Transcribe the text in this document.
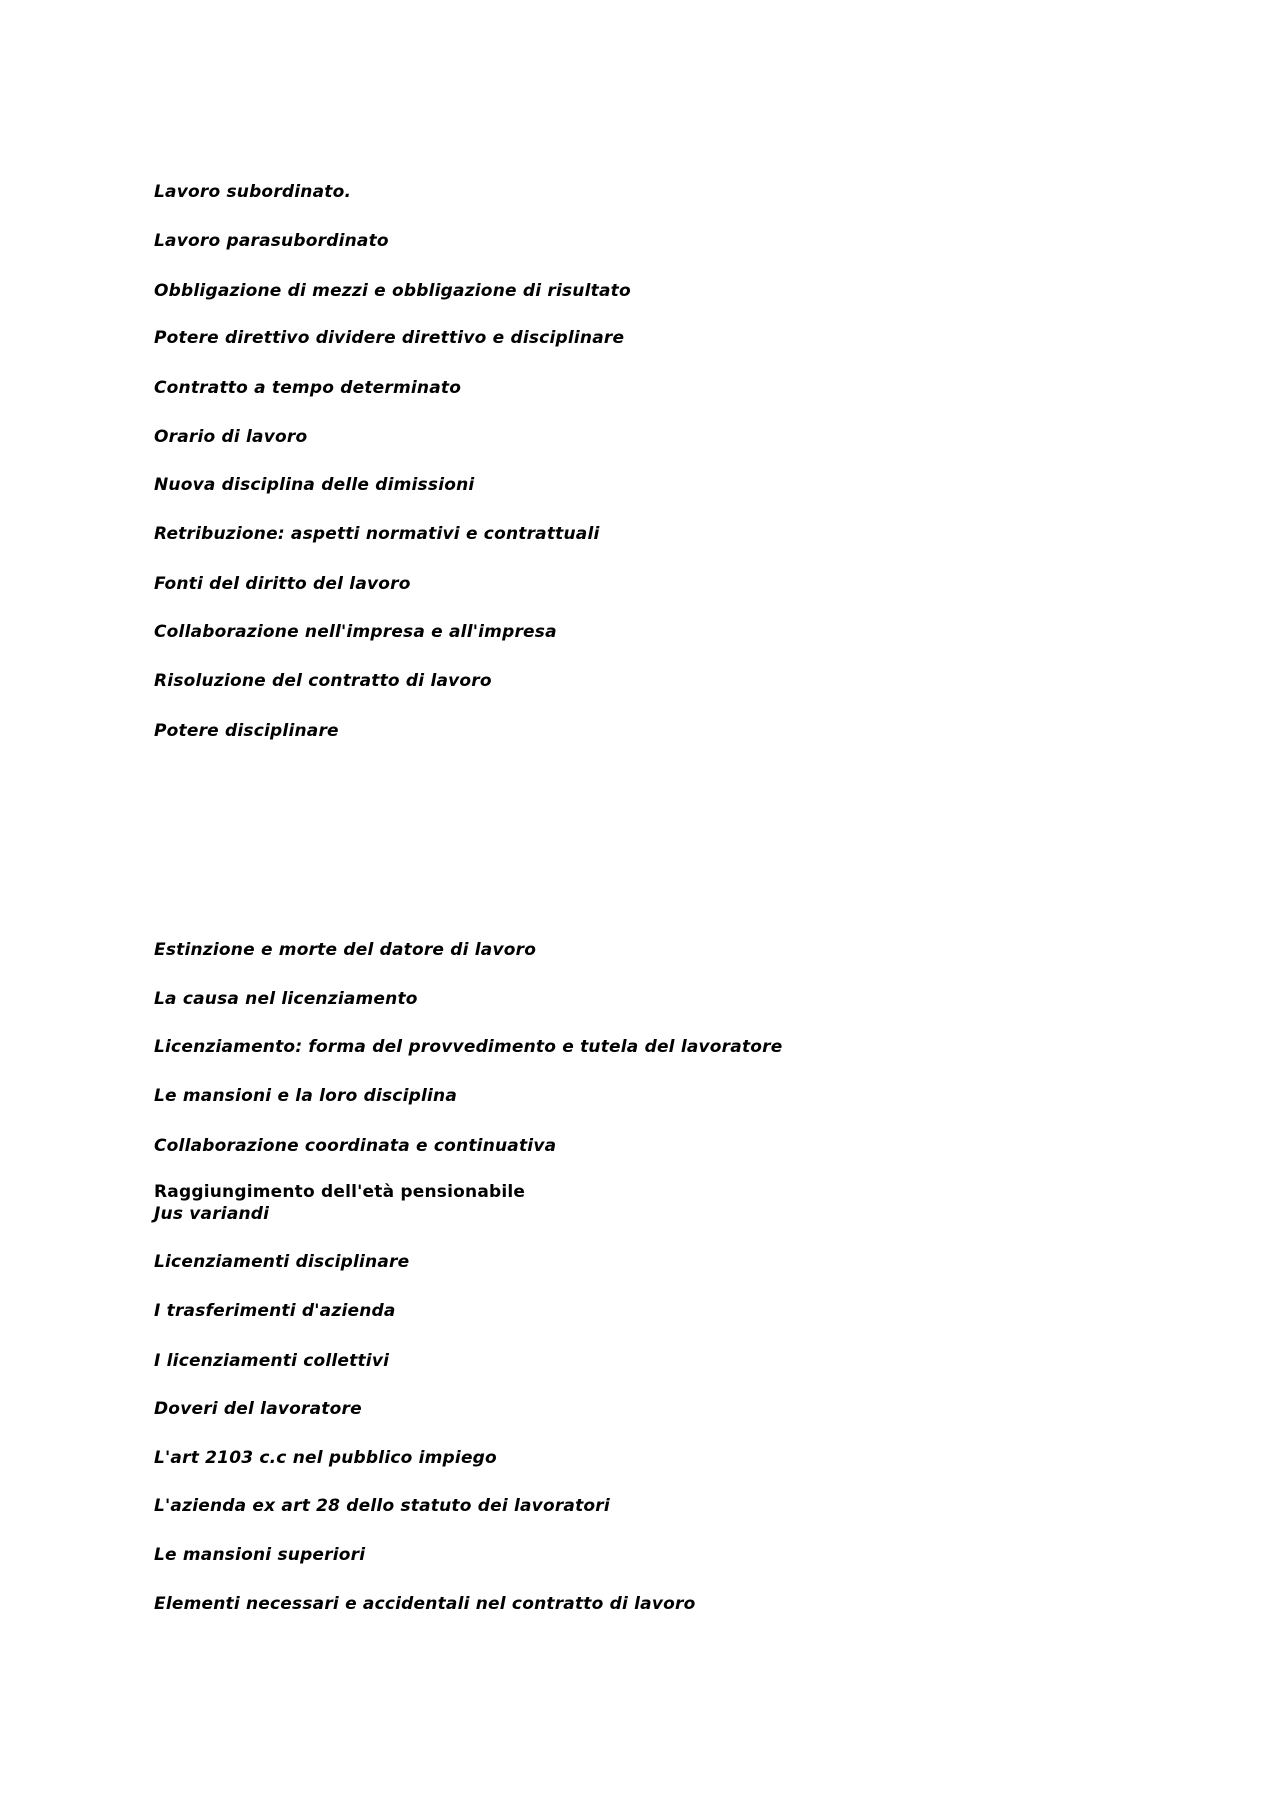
Lavoro subordinato.
Lavoro parasubordinato
Obbligazione di mezzi e obbligazione di risultato
Potere direttivo dividere direttivo e disciplinare
Contratto a tempo determinato
Orario di lavoro
Nuova disciplina delle dimissioni
Retribuzione: aspetti normativi e contrattuali
Fonti del diritto del lavoro
Collaborazione nell'impresa e all'impresa
Risoluzione del contratto di lavoro
Potere disciplinare
Estinzione e morte del datore di lavoro
La causa nel licenziamento
Licenziamento: forma del provvedimento e tutela del lavoratore
Le mansioni e la loro disciplina
Collaborazione coordinata e continuativa
Raggiungimento dell'età pensionabile
Jus variandi
Licenziamenti disciplinare
I trasferimenti d'azienda
I licenziamenti collettivi
Doveri del lavoratore
L'art 2103 c.c nel pubblico impiego
L'azienda ex art 28 dello statuto dei lavoratori
Le mansioni superiori
Elementi necessari e accidentali nel contratto di lavoro
